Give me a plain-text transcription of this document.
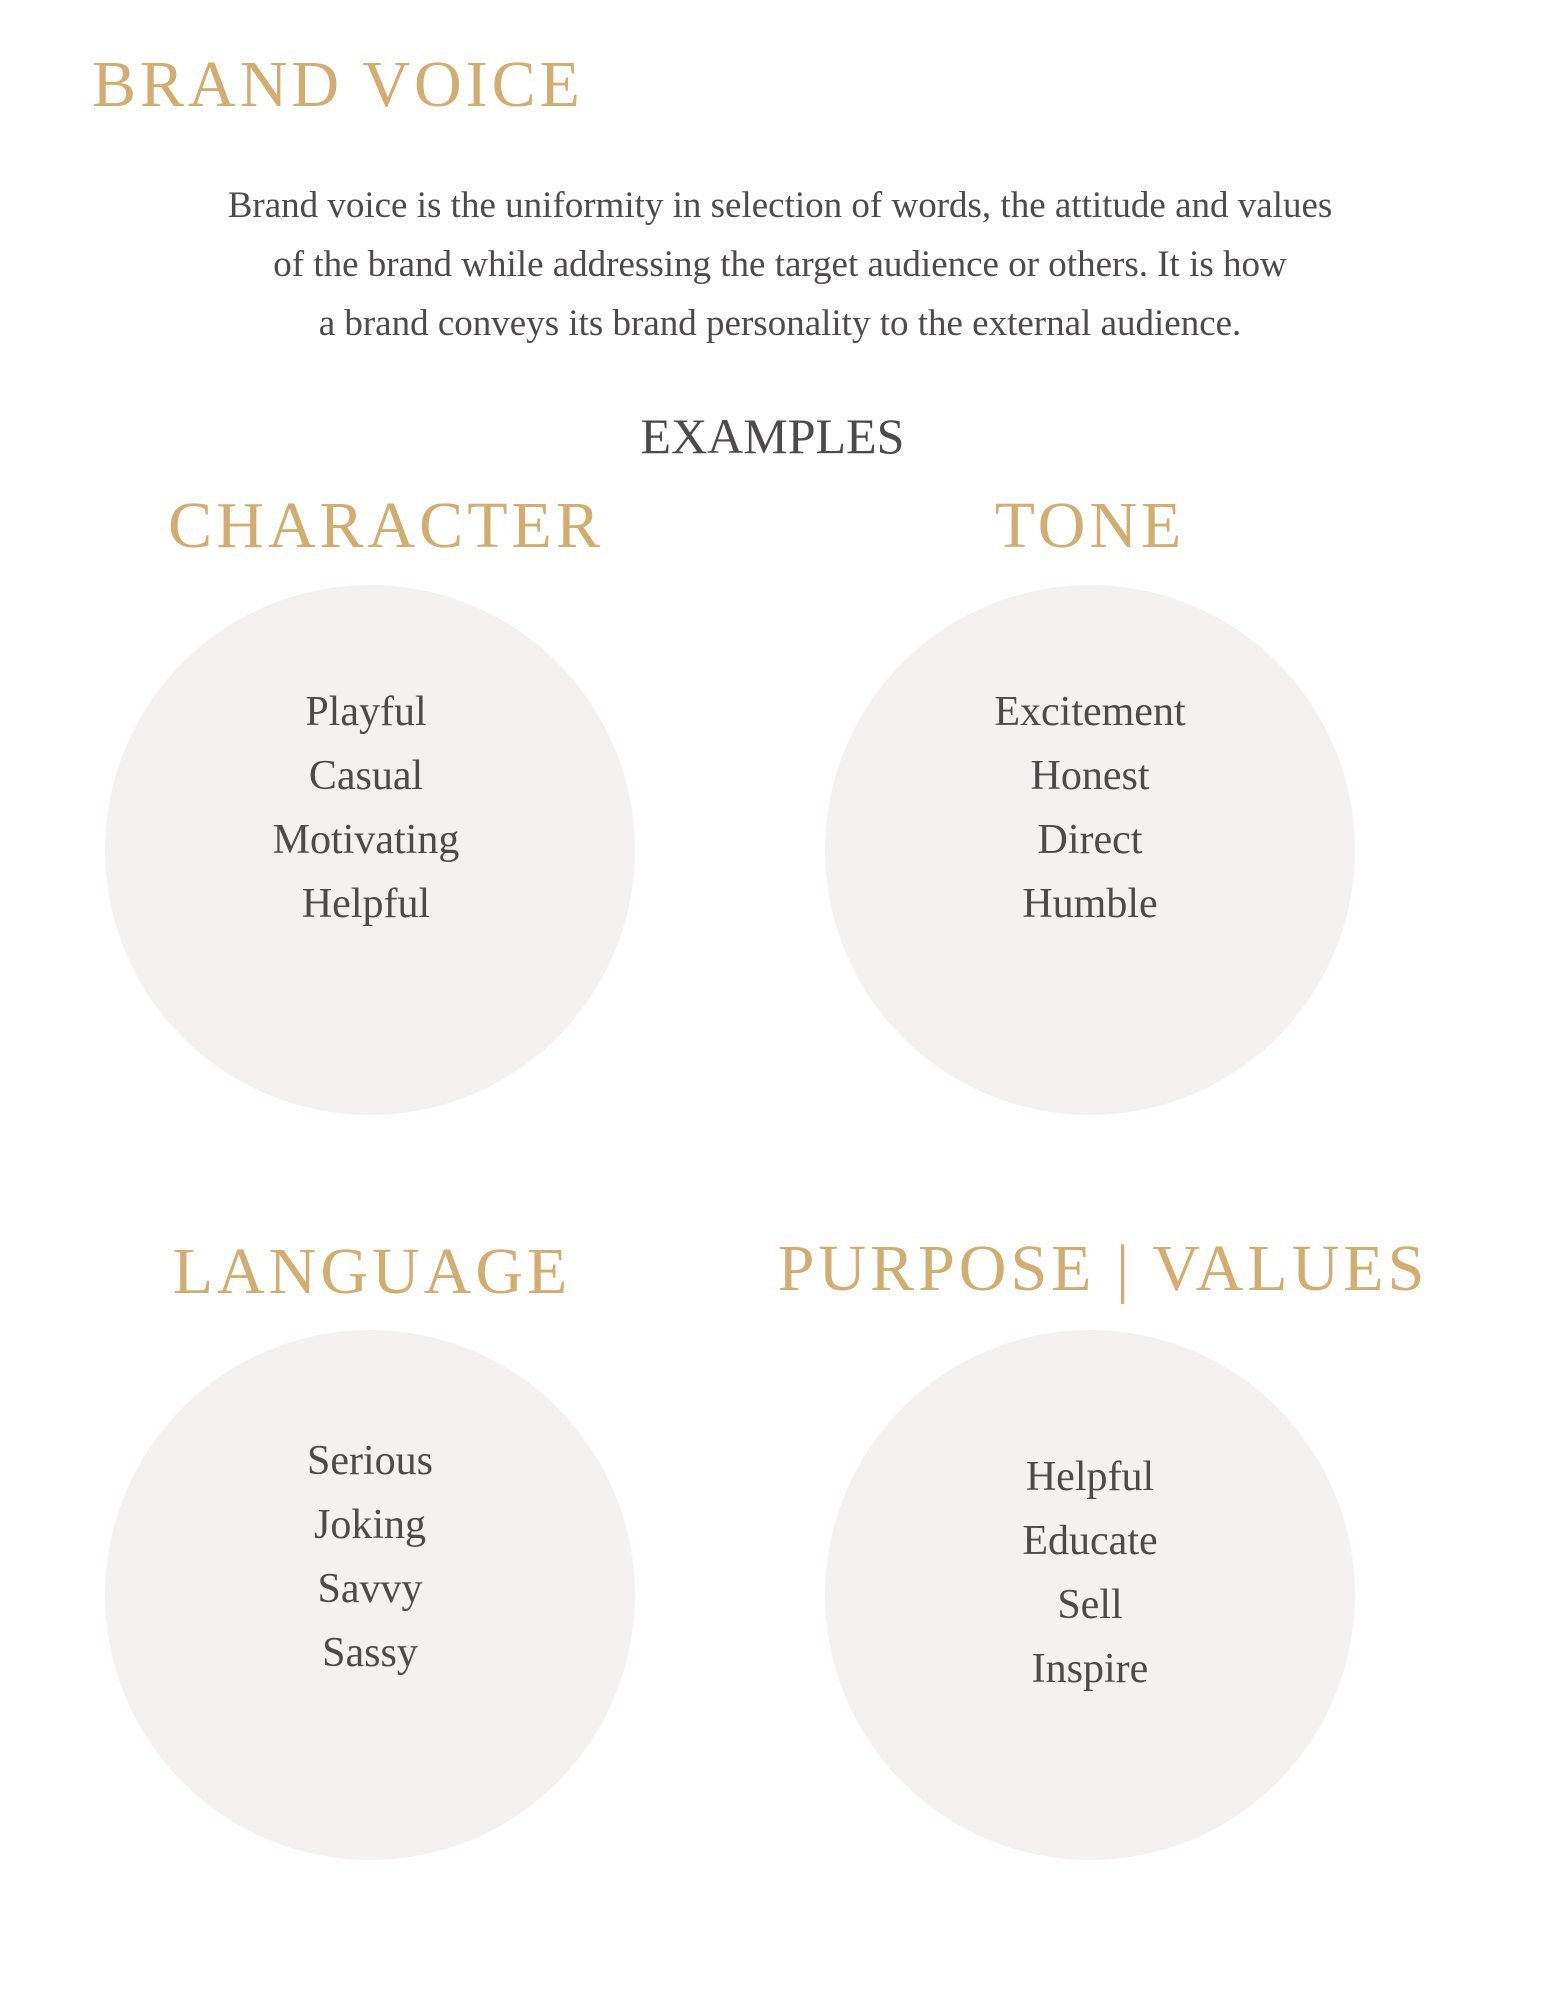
BRAND VOICE

Brand voice is the uniformity in selection of words, the attitude and values
of the brand while addressing the target audience or others. It is how
a brand conveys its brand personality to the external audience.

EXAMPLES
CHARACTER
Playful
Casual
Motivating
Helpful
TONE
Excitement
Honest
Direct
Humble
LANGUAGE
Serious
Joking
Savvy
Sassy
PURPOSE | VALUES
Helpful
Educate
Sell
Inspire
